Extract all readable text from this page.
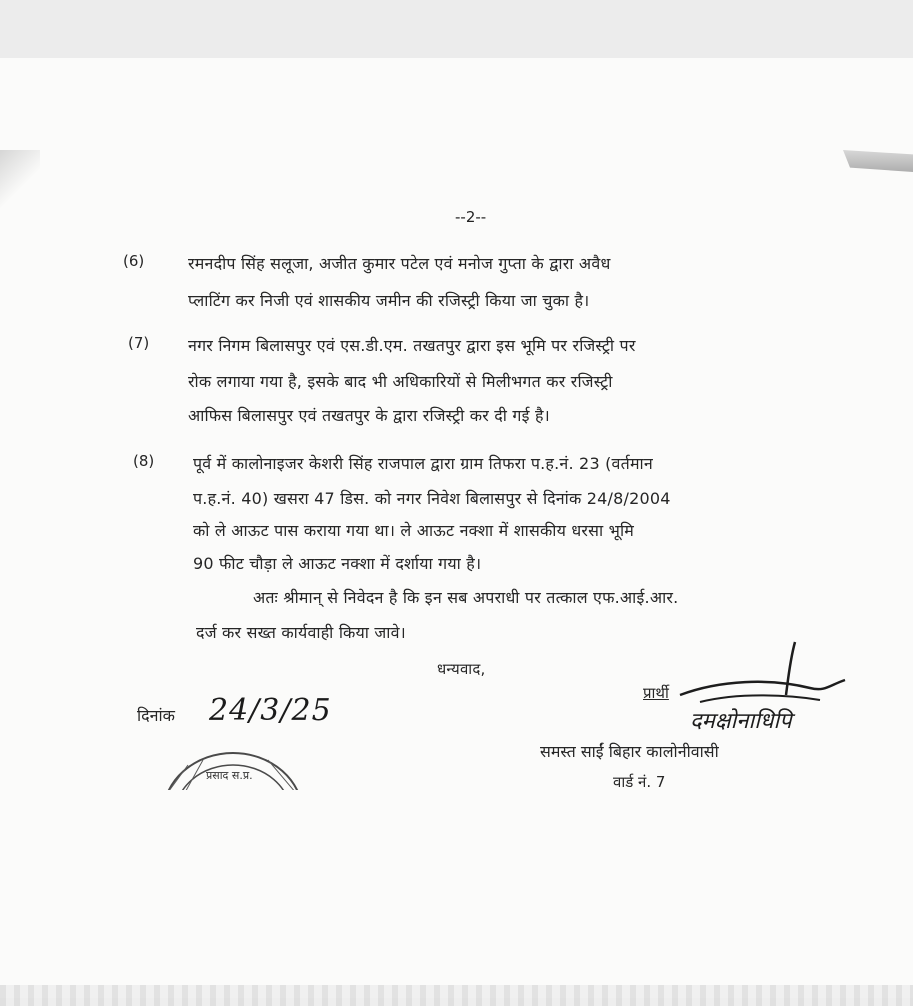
--2--
(6)	रमनदीप सिंह सलूजा, अजीत कुमार पटेल एवं मनोज गुप्ता के द्वारा अवैध
प्लाटिंग कर निजी एवं शासकीय जमीन की रजिस्ट्री किया जा चुका है।
(7) नगर निगम बिलासपुर एवं एस.डी.एम. तखतपुर द्वारा इस भूमि पर रजिस्ट्री पर
रोक लगाया गया है, इसके बाद भी अधिकारियों से मिलीभगत कर रजिस्ट्री
आफिस बिलासपुर एवं तखतपुर के द्वारा रजिस्ट्री कर दी गई है।
(8) पूर्व में कालोनाइजर केशरी सिंह राजपाल द्वारा ग्राम तिफरा प.ह.नं. 23 (वर्तमान
प.ह.नं. 40) खसरा 47 डिस. को नगर निवेश बिलासपुर से दिनांक 24/8/2004
को ले आऊट पास कराया गया था। ले आऊट नक्शा में शासकीय धरसा भूमि
90 फीट चौड़ा ले आऊट नक्शा में दर्शाया गया है।
अतः श्रीमान् से निवेदन है कि इन सब अपराधी पर तत्काल एफ.आई.आर.
दर्ज कर सख्त कार्यवाही किया जावे।
धन्यवाद,
दिनांक 24/3/25	प्रार्थी
दमक्षोनाधिपि
समस्त साईं बिहार कालोनीवासी
वार्ड नं. 7
प्रसाद स.प्र.
